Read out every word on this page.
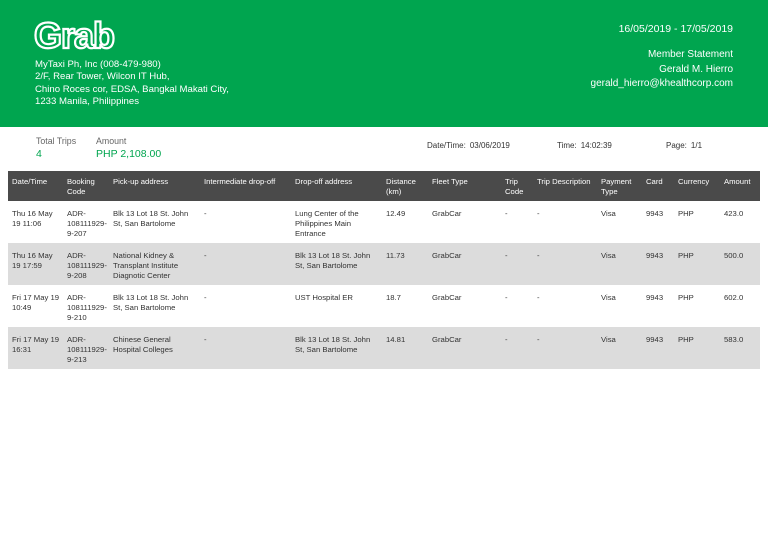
Grab
MyTaxi Ph, Inc (008-479-980)
2/F, Rear Tower, Wilcon IT Hub,
Chino Roces cor, EDSA, Bangkal Makati City,
1233 Manila, Philippines
16/05/2019 - 17/05/2019
Member Statement
Gerald M. Hierro
gerald_hierro@khealthcorp.com
Total Trips
4
Amount
PHP 2,108.00
Date/Time: 03/06/2019	Time: 14:02:39	Page: 1/1
Date/Time	Booking Code	Pick-up address	Intermediate drop-off	Drop-off address	Distance (km)	Fleet Type	Trip Code	Trip Description	Payment Type	Card	Currency	Amount
Thu 16 May 19 11:06	ADR-108111929-9-207	Blk 13 Lot 18 St. John St, San Bartolome	-	Lung Center of the Philippines Main Entrance	12.49	GrabCar	-	-	Visa	9943	PHP	423.0
Thu 16 May 19 17:59	ADR-108111929-9-208	National Kidney & Transplant Institute Diagnotic Center	-	Blk 13 Lot 18 St. John St, San Bartolome	11.73	GrabCar	-	-	Visa	9943	PHP	500.0
Fri 17 May 19 10:49	ADR-108111929-9-210	Blk 13 Lot 18 St. John St, San Bartolome	-	UST Hospital ER	18.7	GrabCar	-	-	Visa	9943	PHP	602.0
Fri 17 May 19 16:31	ADR-108111929-9-213	Chinese General Hospital Colleges	-	Blk 13 Lot 18 St. John St, San Bartolome	14.81	GrabCar	-	-	Visa	9943	PHP	583.0
